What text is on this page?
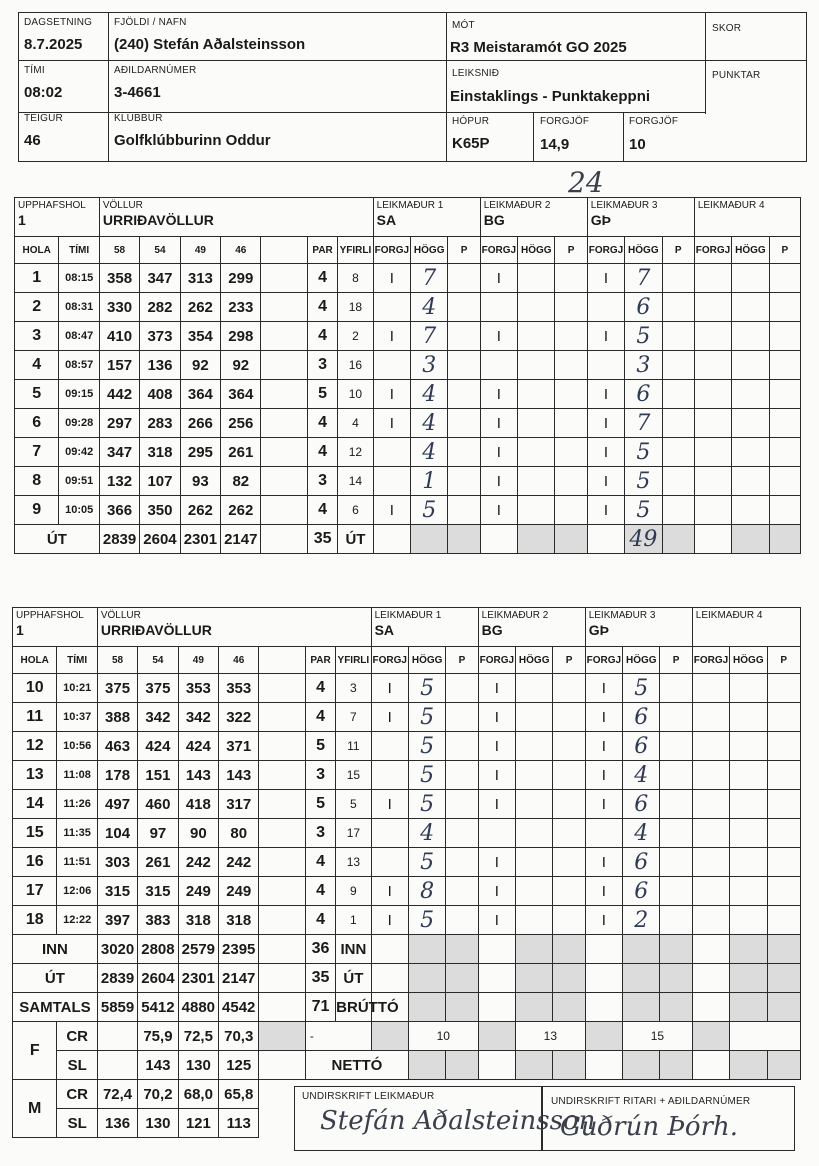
DAGSETNING
8.7.2025
FJÖLDI / NAFN
(240) Stefán Aðalsteinsson
MÓT
R3 Meistaramót GO 2025
SKOR
TÍMI
08:02
AÐILDARNÚMER
3-4661
LEIKSNIÐ
Einstaklings - Punktakeppni
PUNKTAR
TEIGUR
46
KLÚBBUR
Golfklúbburinn Oddur
HÓPUR
K65P
FORGJÖF
14,9
FORGJÖF
10
24
UPPHAFSHOL
1		VÖLLUR
URRIÐAVÖLLUR							LEIKMAÐUR 1
SA			LEIKMAÐUR 2
BG			LEIKMAÐUR 3
GÞ			LEIKMAÐUR 4		

HOLA	TÍMI	58	54	49	46		PAR	YFIRLI	FORGJ	HÖGG	P	FORGJ	HÖGG	P	FORGJ	HÖGG	P	FORGJ	HÖGG	P
1	08:15	358	347	313	299		4	8	I	7		I			I	7				
2	08:31	330	282	262	233		4	18		4						6				
3	08:47	410	373	354	298		4	2	I	7		I			I	5				
4	08:57	157	136	92	92		3	16		3						3				
5	09:15	442	408	364	364		5	10	I	4		I			I	6				
6	09:28	297	283	266	256		4	4	I	4		I			I	7				
7	09:42	347	318	295	261		4	12		4		I			I	5				
8	09:51	132	107	93	82		3	14		1		I			I	5				
9	10:05	366	350	262	262		4	6	I	5		I			I	5				
ÚT		2839	2604	2301	2147		35	ÚT								49				
UPPHAFSHOL
1		VÖLLUR
URRIÐAVÖLLUR							LEIKMAÐUR 1
SA			LEIKMAÐUR 2
BG			LEIKMAÐUR 3
GÞ			LEIKMAÐUR 4		

HOLA	TÍMI	58	54	49	46		PAR	YFIRLI	FORGJ	HÖGG	P	FORGJ	HÖGG	P	FORGJ	HÖGG	P	FORGJ	HÖGG	P
10	10:21	375	375	353	353		4	3	I	5		I			I	5				
11	10:37	388	342	342	322		4	7	I	5		I			I	6				
12	10:56	463	424	424	371		5	11		5		I			I	6				
13	11:08	178	151	143	143		3	15		5		I			I	4				
14	11:26	497	460	418	317		5	5	I	5		I			I	6				
15	11:35	104	97	90	80		3	17		4						4				
16	11:51	303	261	242	242		4	13		5		I			I	6				
17	12:06	315	315	249	249		4	9	I	8		I			I	6				
18	12:22	397	383	318	318		4	1	I	5		I			I	2				
INN		3020	2808	2579	2395		36	INN												
ÚT		2839	2604	2301	2147		35	ÚT												
SAMTALS		5859	5412	4880	4542		71	BRÚTTÓ												
F	CR		75,9	72,5	70,3		-			10			13			15				
	SL		143	130	125		NETTÓ													
M	CR	72,4	70,2	68,0	65,8															
	SL	136	130	121	113															
UNDIRSKRIFT LEIKMAÐUR
Stefán Aðalsteinsson
UNDIRSKRIFT RITARI + AÐILDARNÚMER
Guðrún Þórh.
